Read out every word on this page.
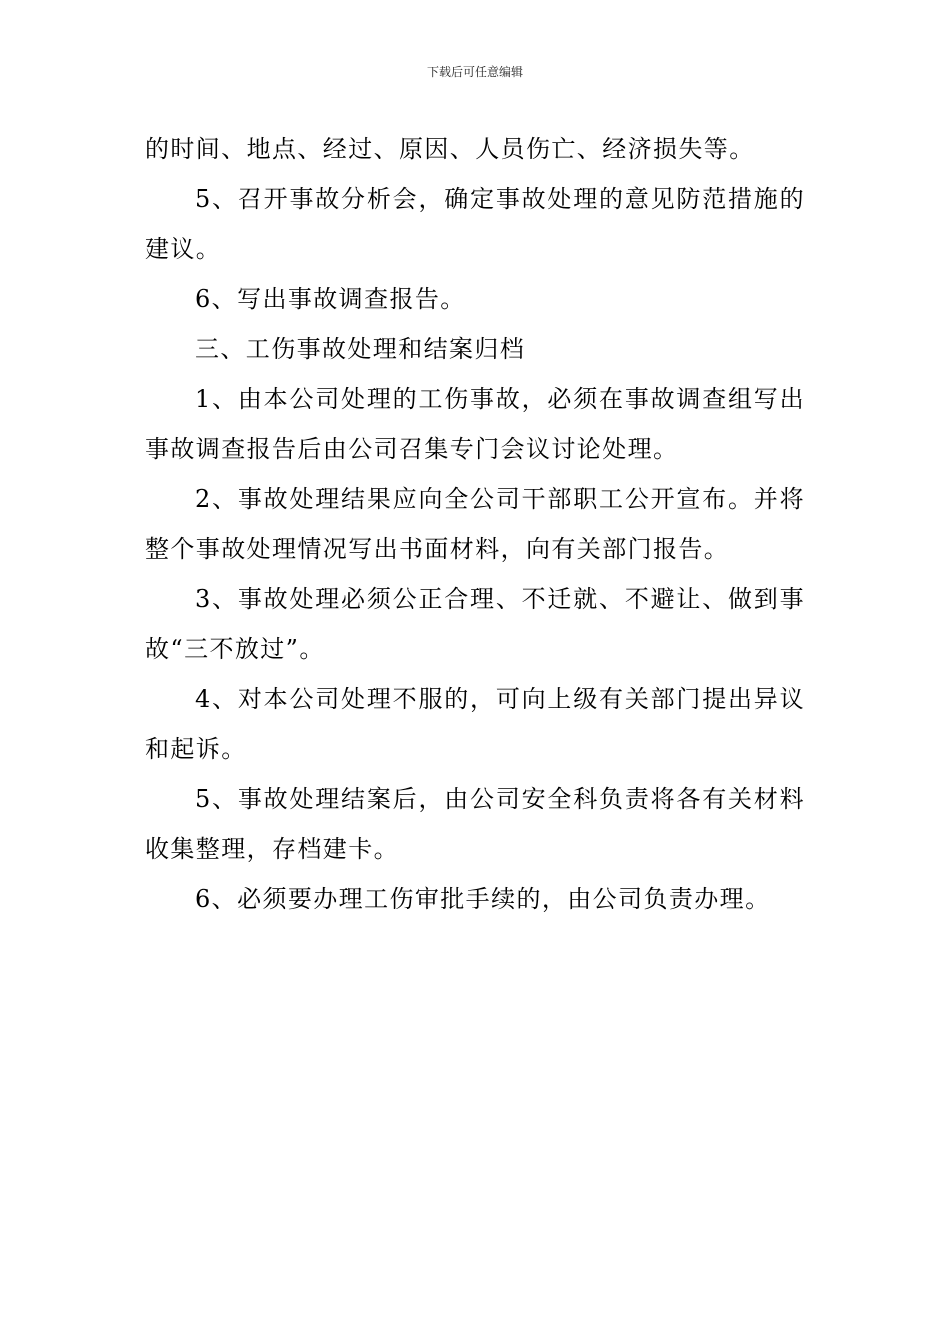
下载后可任意编辑

的时间、地点、经过、原因、人员伤亡、经济损失等。

5、召开事故分析会，确定事故处理的意见防范措施的建议。

6、写出事故调查报告。

三、工伤事故处理和结案归档

1、由本公司处理的工伤事故，必须在事故调查组写出事故调查报告后由公司召集专门会议讨论处理。

2、事故处理结果应向全公司干部职工公开宣布。并将整个事故处理情况写出书面材料，向有关部门报告。

3、事故处理必须公正合理、不迁就、不避让、做到事故“三不放过”。

4、对本公司处理不服的，可向上级有关部门提出异议和起诉。

5、事故处理结案后，由公司安全科负责将各有关材料收集整理，存档建卡。

6、必须要办理工伤审批手续的，由公司负责办理。
